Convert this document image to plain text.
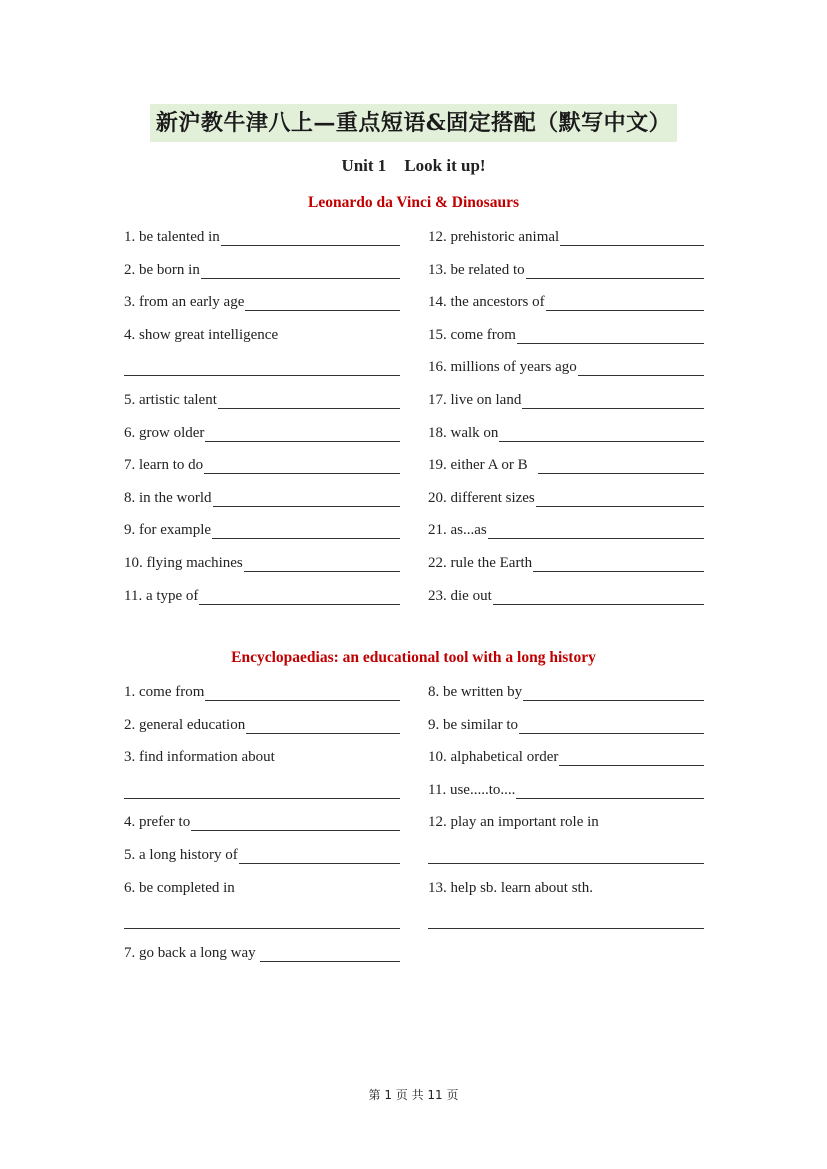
新沪教牛津八上—重点短语&固定搭配（默写中文）
Unit 1 Look it up!
Leonardo da Vinci & Dinosaurs
1. be talented in	12. prehistoric animal
2. be born in	13. be related to
3. from an early age	14. the ancestors of
4. show great intelligence	15. come from
16. millions of years ago
5. artistic talent	17. live on land
6. grow older	18. walk on
7. learn to do	19. either A or B
8. in the world	20. different sizes
9. for example	21. as...as
10. flying machines	22. rule the Earth
11. a type of	23. die out
Encyclopaedias: an educational tool with a long history
1. come from	8. be written by
2. general education	9. be similar to
3. find information about	10. alphabetical order
11. use.....to....
4. prefer to	12. play an important role in
5. a long history of
6. be completed in	13. help sb. learn about sth.
7. go back a long way
第 1 页 共 11 页
